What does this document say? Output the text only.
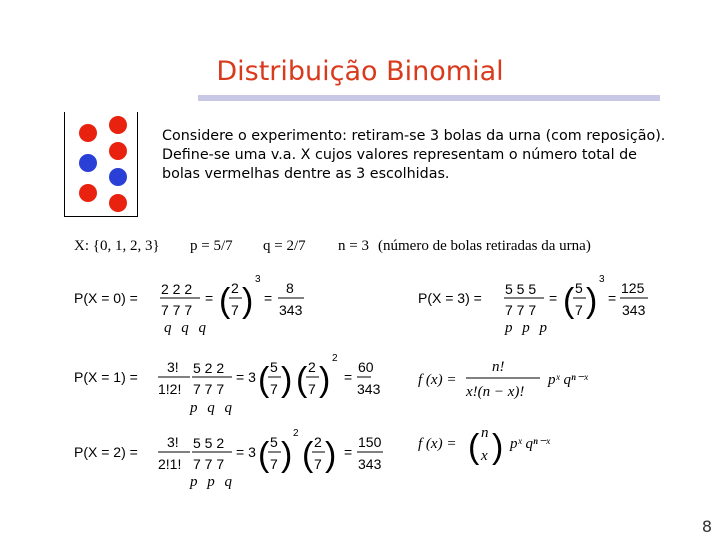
Distribuição Binomial
Considere o experimento: retiram-se 3 bolas da urna (com reposição).
Define-se uma v.a. X cujos valores representam o número total de
bolas vermelhas dentre as 3 escolhidas.
X: {0, 1, 2, 3} p = 5/7 q = 2/7 n = 3 (número de bolas retiradas da urna)
P(X = 0) =
2 2 2
7 7 7
= ( 2
7 )
3
=
8
343
q q q
P(X = 3) =
5 5 5
7 7 7
= ( 5
7 )
3
=
125
343
p p p
P(X = 1) =
3!
1!2!
5 2 2
7 7 7
= 3 ( 5
7 ) ( 2
7 )
2
=
60
343
p q q
P(X = 2) =
3!
2!1!
5 5 2
7 7 7
= 3 ( 5
7 )
2
( 2
7 ) =
150
343
p p q
f (x) =
n!
x!(n − x)!
pˣ qⁿ⁻ˣ
f (x) = ( n
x ) pˣ qⁿ⁻ˣ
8
